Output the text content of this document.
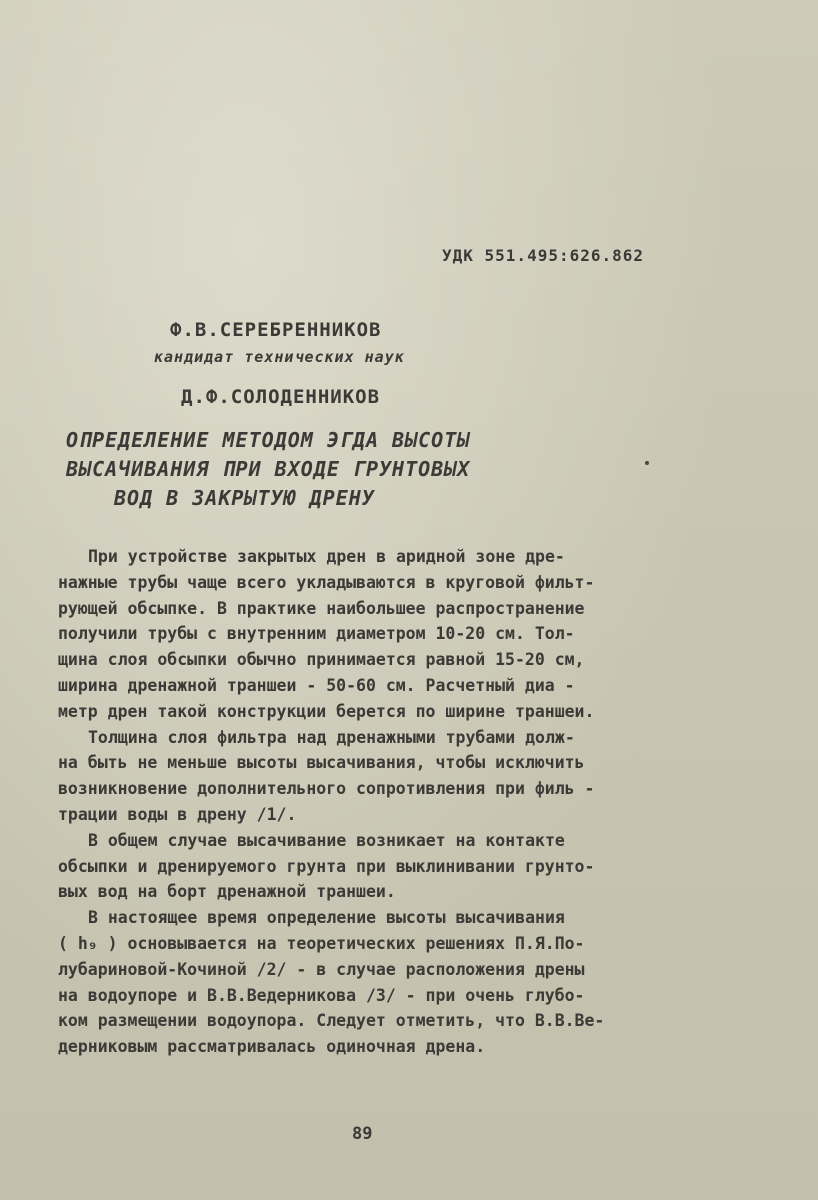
УДК 551.495:626.862
Ф.В.СЕРЕБРЕННИКОВ
кандидат технических наук
Д.Ф.СОЛОДЕННИКОВ
ОПРЕДЕЛЕНИЕ МЕТОДОМ ЭГДА ВЫСОТЫ
ВЫСАЧИВАНИЯ ПРИ ВХОДЕ ГРУНТОВЫХ
ВОД В ЗАКРЫТУЮ ДРЕНУ
При устройстве закрытых дрен в аридной зоне дре-
нажные трубы чаще всего укладываются в круговой фильт-
рующей обсыпке. В практике наибольшее распространение
получили трубы с внутренним диаметром 10-20 см. Тол-
щина слоя обсыпки обычно принимается равной 15-20 см,
ширина дренажной траншеи - 50-60 см. Расчетный диа -
метр дрен такой конструкции берется по ширине траншеи.
Толщина слоя фильтра над дренажными трубами долж-
на быть не меньше высоты высачивания, чтобы исключить
возникновение дополнительного сопротивления при филь -
трации воды в дрену /1/.
В общем случае высачивание возникает на контакте
обсыпки и дренируемого грунта при выклинивании грунто-
вых вод на борт дренажной траншеи.
В настоящее время определение высоты высачивания
( h₉ ) основывается на теоретических решениях П.Я.По-
лубариновой-Кочиной /2/ - в случае расположения дрены
на водоупоре и В.В.Ведерникова /3/ - при очень глубо-
ком размещении водоупора. Следует отметить, что В.В.Ве-
дерниковым рассматривалась одиночная дрена.
89
